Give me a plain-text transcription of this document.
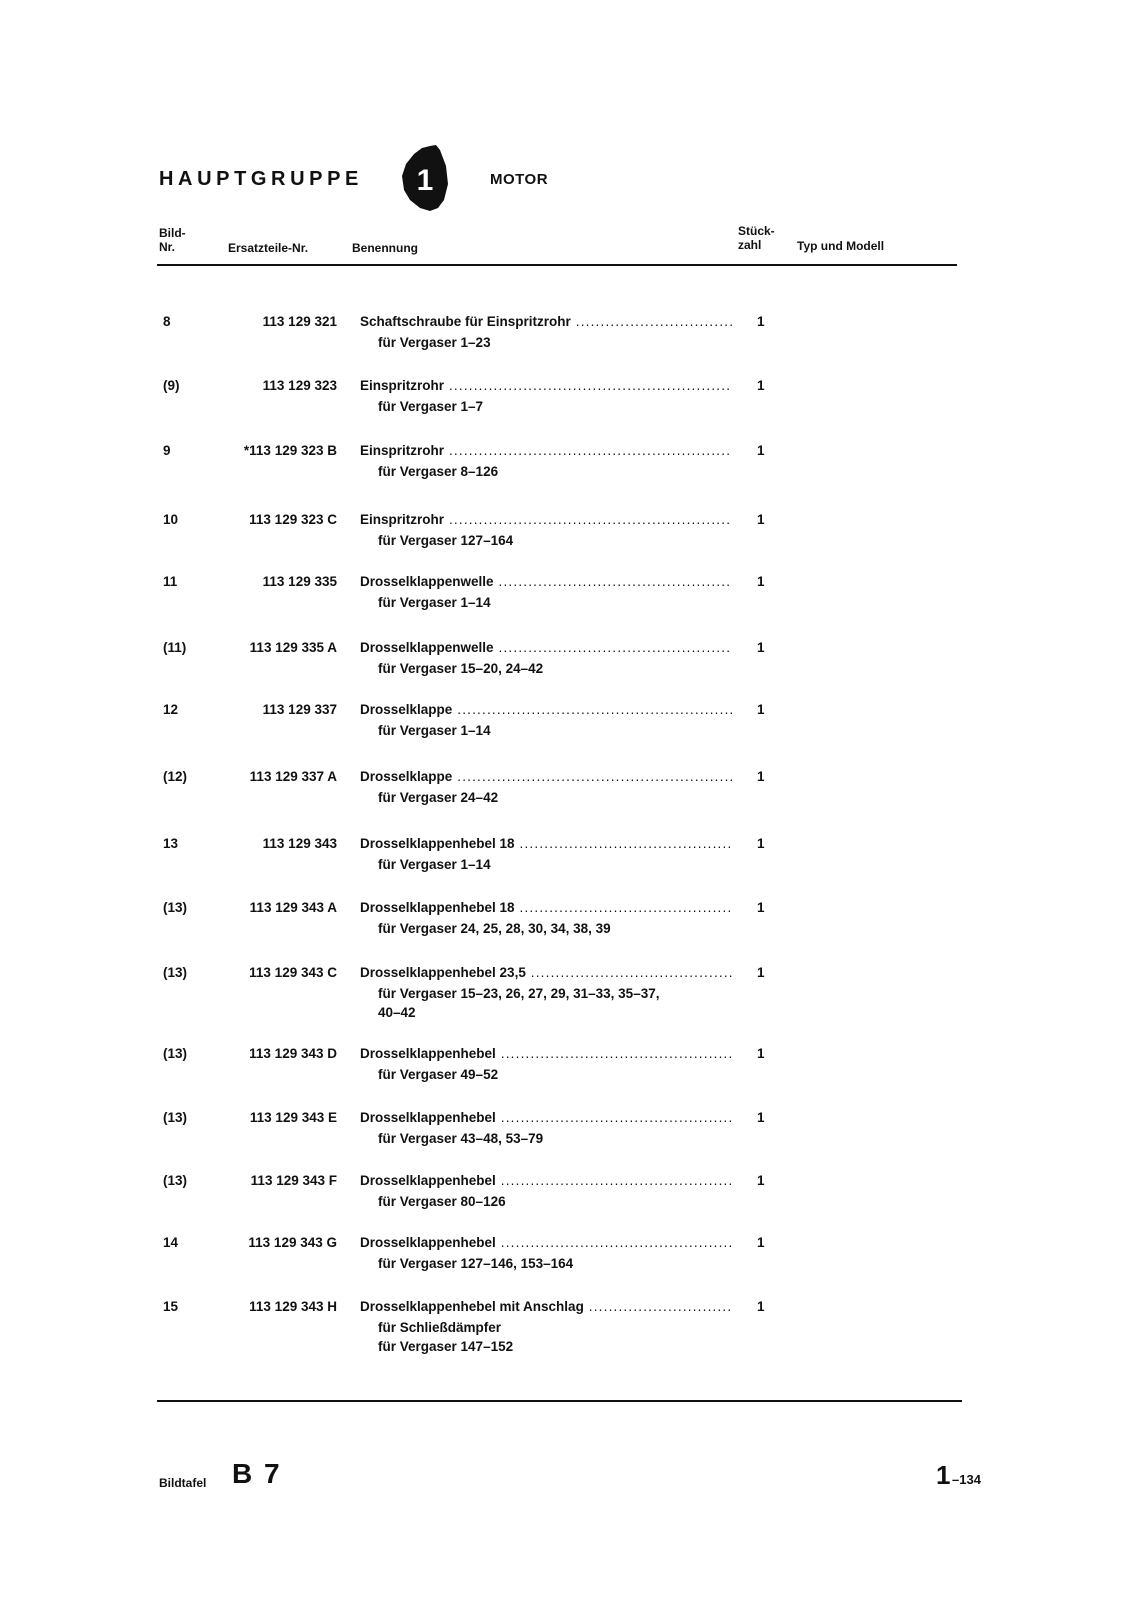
HAUPTGRUPPE 1	MOTOR
Bild-
Nr.	Ersatzteile-Nr.	Benennung
Stück-
zahl	Typ und Modell
8	113 129 321 Schaftschraube für Einspritzrohr .....	1
für Vergaser 1–23
(9)	113 129 323 Einspritzrohr .....	1
für Vergaser 1–7
9	*113 129 323 B Einspritzrohr .....	1
für Vergaser 8–126
10	113 129 323 C Einspritzrohr .....	1
für Vergaser 127–164
11	113 129 335 Drosselklappenwelle .....	1
für Vergaser 1–14
(11)	113 129 335 A Drosselklappenwelle .....	1
für Vergaser 15–20, 24–42
12	113 129 337 Drosselklappe .....	1
für Vergaser 1–14
(12)	113 129 337 A Drosselklappe .....	1
für Vergaser 24–42
13	113 129 343 Drosselklappenhebel 18 .....	1
für Vergaser 1–14
(13)	113 129 343 A Drosselklappenhebel 18 .....	1
für Vergaser 24, 25, 28, 30, 34, 38, 39
(13)	113 129 343 C Drosselklappenhebel 23,5 .....	1
für Vergaser 15–23, 26, 27, 29, 31–33, 35–37,
40–42
(13)	113 129 343 D Drosselklappenhebel .....	1
für Vergaser 49–52
(13)	113 129 343 E Drosselklappenhebel .....	1
für Vergaser 43–48, 53–79
(13)	113 129 343 F Drosselklappenhebel .....	1
für Vergaser 80–126
14	113 129 343 G Drosselklappenhebel .....	1
für Vergaser 127–146, 153–164
15	113 129 343 H Drosselklappenhebel mit Anschlag .....	1
für Schließdämpfer
für Vergaser 147–152
Bildtafel B 7	1 –134
